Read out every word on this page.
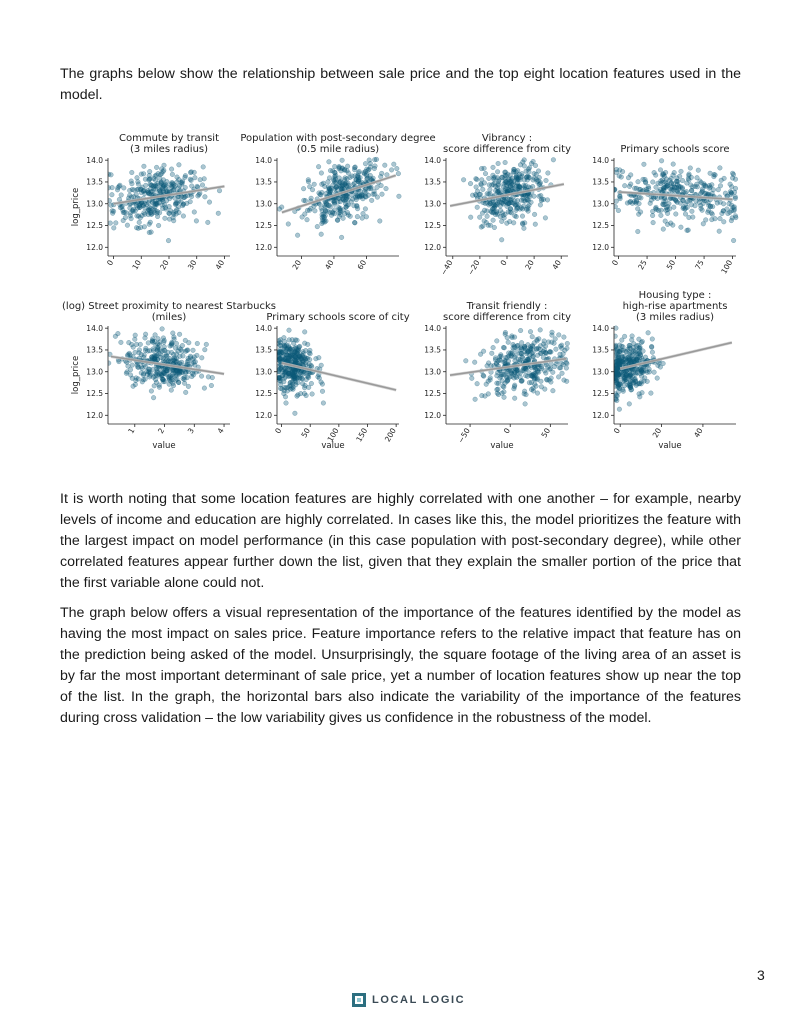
The graphs below show the relationship between sale price and the top eight location features used in the model.

Commute by transit
(3 miles radius)
12.0
12.5
13.0
13.5
14.0
0 10 20 30 40
log_price
Population with post-secondary degree
(0.5 mile radius)
12.0
12.5
13.0
13.5
14.0
20	40	60
Vibrancy :
score difference from city
12.0
12.5
13.0
13.5
14.0
−40 −20 0 20 40
Primary schools score
12.0
12.5
13.0
13.5
14.0
0 25 50 75 100
(log) Street proximity to nearest Starbucks
(miles)
12.0
12.5
13.0
13.5
14.0
1	2	3	4
log_price
value
Primary schools score of city
12.0
12.5
13.0
13.5
14.0
0 50 100 150 200
value
Transit friendly :
score difference from city
12.0
12.5
13.0
13.5
14.0
−50	0	50
value
Housing type :
high-rise apartments
(3 miles radius)
12.0
12.5
13.0
13.5
14.0
0	20	40
value

It is worth noting that some location features are highly correlated with one another – for example, nearby levels of income and education are highly correlated. In cases like this, the model prioritizes the feature with the largest impact on model performance (in this case population with post-secondary degree), while other correlated features appear further down the list, given that they explain the smaller portion of the price that the first variable alone could not.

The graph below offers a visual representation of the importance of the features identified by the model as having the most impact on sales price. Feature importance refers to the relative impact that feature has on the prediction being asked of the model. Unsurprisingly, the square footage of the living area of an asset is by far the most important determinant of sale price, yet a number of location features show up near the top of the list. In the graph, the horizontal bars also indicate the variability of the importance of the features during cross validation – the low variability gives us confidence in the robustness of the model.

3
LOCAL LOGIC
